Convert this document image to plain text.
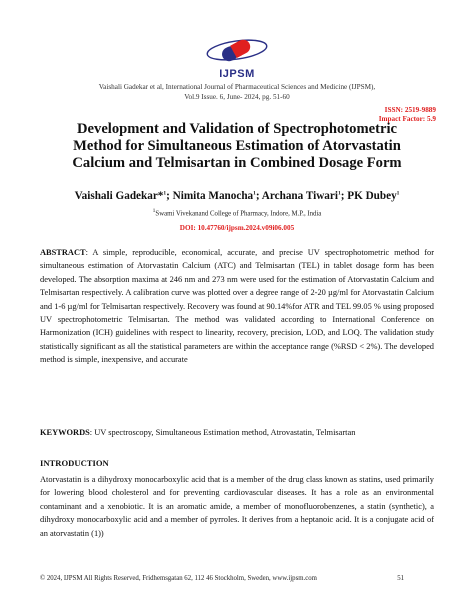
IJPSM
Vaishali Gadekar et al, International Journal of Pharmaceutical Sciences and Medicine (IJPSM),
Vol.9 Issue. 6, June- 2024, pg. 51-60
ISSN: 2519-9889
Impact Factor: 5.9
Development and Validation of Spectrophotometric
Method for Simultaneous Estimation of Atorvastatin
Calcium and Telmisartan in Combined Dosage Form
Vaishali Gadekar*$^1$; Nimita Manocha$^1$; Archana Tiwari$^1$; PK Dubey$^1$
$^1$Swami Vivekanand College of Pharmacy, Indore, M.P., India
DOI: 10.47760/ijpsm.2024.v09i06.005
ABSTRACT: A simple, reproducible, economical, accurate, and precise UV spectrophotometric method for simultaneous estimation of Atorvastatin Calcium (ATC) and Telmisartan (TEL) in tablet dosage form has been developed. The absorption maxima at 246 nm and 273 nm were used for the estimation of Atorvastatin Calcium and Telmisartan respectively. A calibration curve was plotted over a degree range of 2-20 µg/ml for Atorvastatin Calcium and 1-6 µg/ml for Telmisartan respectively. Recovery was found at 90.14%for ATR and TEL 99.05 % using proposed UV spectrophotometric Telmisartan. The method was validated according to International Conference on Harmonization (ICH) guidelines with respect to linearity, recovery, precision, LOD, and LOQ. The validation study statistically significant as all the statistical parameters are within the acceptance range (%RSD < 2%). The developed method is simple, inexpensive, and accurate
KEYWORDS: UV spectroscopy, Simultaneous Estimation method, Atrovastatin, Telmisartan
INTRODUCTION
Atorvastatin is a dihydroxy monocarboxylic acid that is a member of the drug class known as statins, used primarily for lowering blood cholesterol and for preventing cardiovascular diseases. It has a role as an environmental contaminant and a xenobiotic. It is an aromatic amide, a member of monofluorobenzenes, a statin (synthetic), a dihydroxy monocarboxylic acid and a member of pyrroles. It derives from a heptanoic acid. It is a conjugate acid of an atorvastatin (1))
© 2024, IJPSM All Rights Reserved, Fridhemsgatan 62, 112 46 Stockholm, Sweden, www.ijpsm.com	51
